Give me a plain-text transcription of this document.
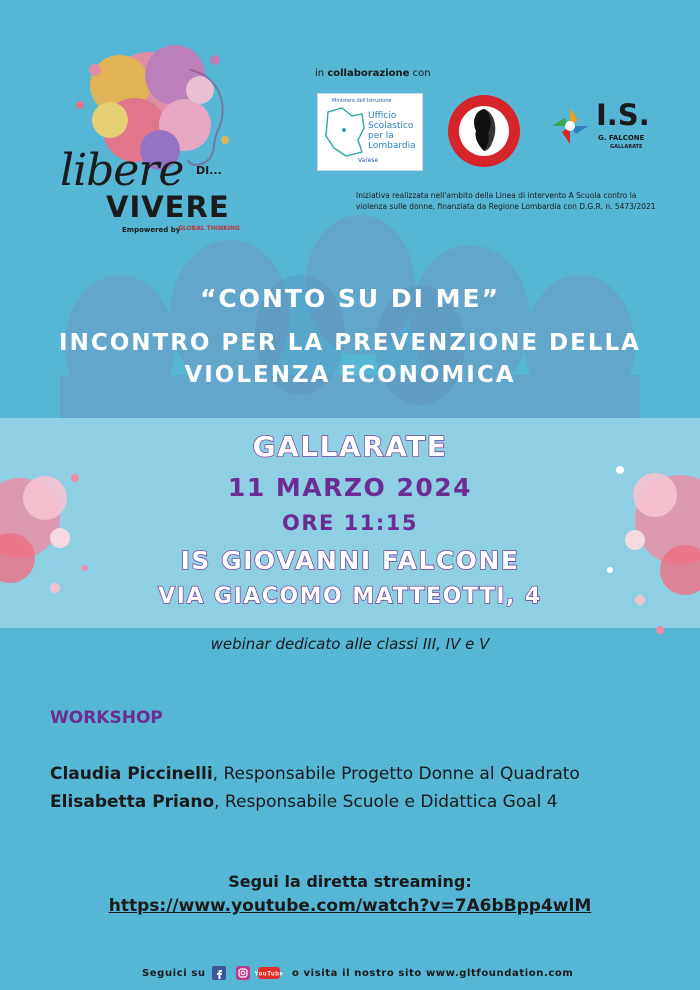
libere DI...
VIVERE
Empowered by
GLOBAL THINKING
in collaborazione con
Ministero dell'Istruzione
Ufficio
Scolastico
per la
Lombardia
Varese
I.S.
G. FALCONE
GALLARATE
Iniziativa realizzata nell'ambito della Linea di intervento A Scuola contro la violenza sulle donne, finanziata da Regione Lombardia con D.G.R. n. 5473/2021
“CONTO SU DI ME”
INCONTRO PER LA PREVENZIONE DELLA
VIOLENZA ECONOMICA
GALLARATE
11 MARZO 2024
ORE 11:15
IS GIOVANNI FALCONE
VIA GIACOMO MATTEOTTI, 4
webinar dedicato alle classi III, IV e V
WORKSHOP
Claudia Piccinelli, Responsabile Progetto Donne al Quadrato
Elisabetta Priano, Responsabile Scuole e Didattica Goal 4
Segui la diretta streaming:
https://www.youtube.com/watch?v=7A6bBpp4wlM
Seguici su	YouTube o visita il nostro sito www.gltfoundation.com
